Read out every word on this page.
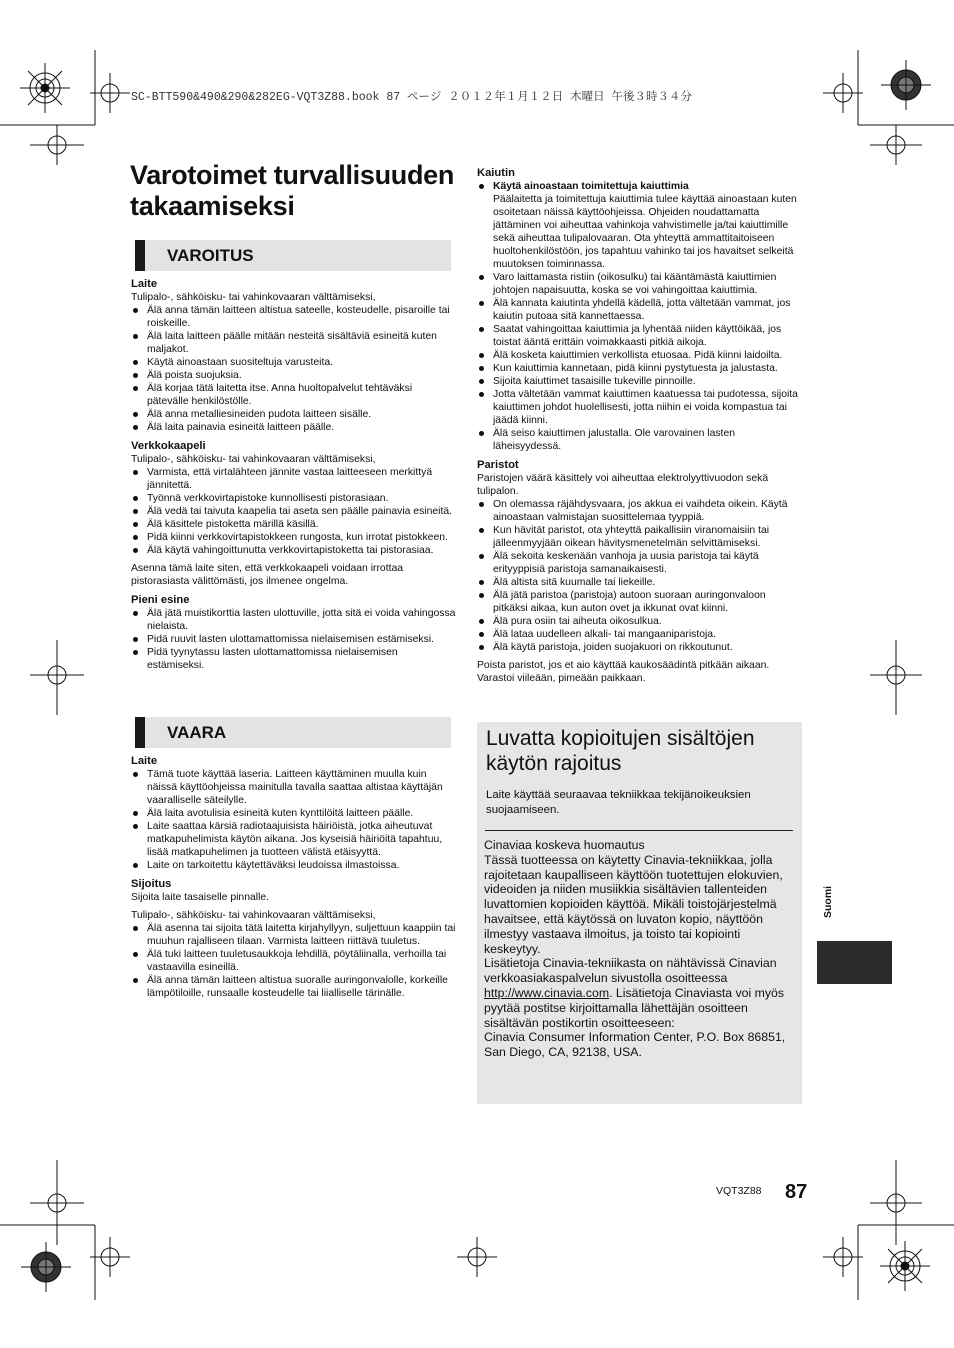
SC-BTT590&490&290&282EG-VQT3Z88.book 87 ページ ２０１２年１月１２日 木曜日 午後３時３４分
Varotoimet turvallisuuden takaamiseksi
VAROITUS
Laite

Tulipalo-, sähköisku- tai vahinkovaaran välttämiseksi,

Älä anna tämän laitteen altistua sateelle, kosteudelle, pisaroille tai roiskeille.
Älä laita laitteen päälle mitään nesteitä sisältäviä esineitä kuten maljakot.
Käytä ainoastaan suositeltuja varusteita.
Älä poista suojuksia.
Älä korjaa tätä laitetta itse. Anna huoltopalvelut tehtäväksi pätevälle henkilöstölle.
Älä anna metalliesineiden pudota laitteen sisälle.
Älä laita painavia esineitä laitteen päälle.
Verkkokaapeli

Tulipalo-, sähköisku- tai vahinkovaaran välttämiseksi,

Varmista, että virtalähteen jännite vastaa laitteeseen merkittyä jännitettä.
Työnnä verkkovirtapistoke kunnollisesti pistorasiaan.
Älä vedä tai taivuta kaapelia tai aseta sen päälle painavia esineitä.
Älä käsittele pistoketta märillä käsillä.
Pidä kiinni verkkovirtapistokkeen rungosta, kun irrotat pistokkeen.
Älä käytä vahingoittunutta verkkovirtapistoketta tai pistorasiaa.

Asenna tämä laite siten, että verkkokaapeli voidaan irrottaa pistorasiasta välittömästi, jos ilmenee ongelma.

Pieni esine
Älä jätä muistikorttia lasten ulottuville, jotta sitä ei voida vahingossa nielaista.
Pidä ruuvit lasten ulottamattomissa nielaisemisen estämiseksi.
Pidä tyynytassu lasten ulottamattomissa nielaisemisen estämiseksi.
VAARA
Laite
Tämä tuote käyttää laseria. Laitteen käyttäminen muulla kuin näissä käyttöohjeissa mainitulla tavalla saattaa altistaa käyttäjän vaaralliselle säteilylle.
Älä laita avotulisia esineitä kuten kynttilöitä laitteen päälle.
Laite saattaa kärsiä radiotaajuisista häiriöistä, jotka aiheutuvat matkapuhelimista käytön aikana. Jos kyseisiä häiriöitä tapahtuu, lisää matkapuhelimen ja tuotteen välistä etäisyyttä.
Laite on tarkoitettu käytettäväksi leudoissa ilmastoissa.
Sijoitus

Sijoita laite tasaiselle pinnalle.

Tulipalo-, sähköisku- tai vahinkovaaran välttämiseksi,

Älä asenna tai sijoita tätä laitetta kirjahyllyyn, suljettuun kaappiin tai muuhun rajalliseen tilaan. Varmista laitteen riittävä tuuletus.
Älä tuki laitteen tuuletusaukkoja lehdillä, pöytäliinalla, verhoilla tai vastaavilla esineillä.
Älä anna tämän laitteen altistua suoralle auringonvalolle, korkeille lämpötiloille, runsaalle kosteudelle tai liialliselle tärinälle.
Kaiutin
Käytä ainoastaan toimitettuja kaiuttimia
Päälaitetta ja toimitettuja kaiuttimia tulee käyttää ainoastaan kuten osoitetaan näissä käyttöohjeissa. Ohjeiden noudattamatta jättäminen voi aiheuttaa vahinkoja vahvistimelle ja/tai kaiuttimille sekä aiheuttaa tulipalovaaran. Ota yhteyttä ammattitaitoiseen huoltohenkilöstöön, jos tapahtuu vahinko tai jos havaitset selkeitä muutoksen toiminnassa.
Varo laittamasta ristiin (oikosulku) tai kääntämästä kaiuttimien johtojen napaisuutta, koska se voi vahingoittaa kaiuttimia.
Älä kannata kaiutinta yhdellä kädellä, jotta vältetään vammat, jos kaiutin putoaa sitä kannettaessa.
Saatat vahingoittaa kaiuttimia ja lyhentää niiden käyttöikää, jos toistat ääntä erittäin voimakkaasti pitkiä aikoja.
Älä kosketa kaiuttimien verkollista etuosaa. Pidä kiinni laidoilta.
Kun kaiuttimia kannetaan, pidä kiinni pystytuesta ja jalustasta.
Sijoita kaiuttimet tasaisille tukeville pinnoille.
Jotta vältetään vammat kaiuttimen kaatuessa tai pudotessa, sijoita kaiuttimen johdot huolellisesti, jotta niihin ei voida kompastua tai jäädä kiinni.
Älä seiso kaiuttimen jalustalla. Ole varovainen lasten läheisyydessä.
Paristot

Paristojen väärä käsittely voi aiheuttaa elektrolyyttivuodon sekä tulipalon.

On olemassa räjähdysvaara, jos akkua ei vaihdeta oikein. Käytä ainoastaan valmistajan suosittelemaa tyyppiä.
Kun hävität paristot, ota yhteyttä paikallisiin viranomaisiin tai jälleenmyyjään oikean hävitysmenetelmän selvittämiseksi.
Älä sekoita keskenään vanhoja ja uusia paristoja tai käytä erityyppisiä paristoja samanaikaisesti.
Älä altista sitä kuumalle tai liekeille.
Älä jätä paristoa (paristoja) autoon suoraan auringonvaloon pitkäksi aikaa, kun auton ovet ja ikkunat ovat kiinni.
Älä pura osiin tai aiheuta oikosulkua.
Älä lataa uudelleen alkali- tai mangaaniparistoja.
Älä käytä paristoja, joiden suojakuori on rikkoutunut.

Poista paristot, jos et aio käyttää kaukosäädintä pitkään aikaan. Varastoi viileään, pimeään paikkaan.

Luvatta kopioitujen sisältöjen käytön rajoitus

Laite käyttää seuraavaa tekniikkaa tekijänoikeuksien suojaamiseen.

Cinaviaa koskeva huomautus

Tässä tuotteessa on käytetty Cinavia-tekniikkaa, jolla rajoitetaan kaupalliseen käyttöön tuotettujen elokuvien, videoiden ja niiden musiikkia sisältävien tallenteiden luvattomien kopioiden käyttöä. Mikäli toistojärjestelmä havaitsee, että käytössä on luvaton kopio, näyttöön ilmestyy vastaava ilmoitus, ja toisto tai kopiointi keskeytyy.

Lisätietoja Cinavia-tekniikasta on nähtävissä Cinavian verkkoasiakaspalvelun sivustolla osoitteessa http://www.cinavia.com. Lisätietoja Cinaviasta voi myös pyytää postitse kirjoittamalla lähettäjän osoitteen sisältävän postikortin osoitteeseen:

Cinavia Consumer Information Center, P.O. Box 86851, San Diego, CA, 92138, USA.

Suomi
VQT3Z88 87
